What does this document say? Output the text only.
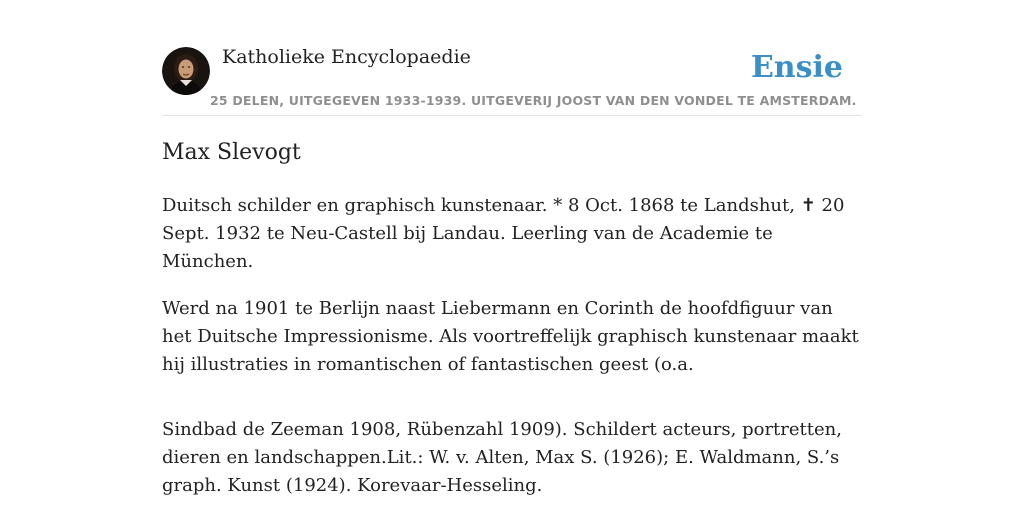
Katholieke Encyclopaedie
25 DELEN, UITGEGEVEN 1933-1939. UITGEVERIJ JOOST VAN DEN VONDEL TE AMSTERDAM.
Ensie
Max Slevogt

Duitsch schilder en graphisch kunstenaar. * 8 Oct. 1868 te Landshut, ✝ 20 Sept. 1932 te Neu-Castell bij Landau. Leerling van de Academie te München.

Werd na 1901 te Berlijn naast Liebermann en Corinth de hoofdfiguur van het Duitsche Impressionisme. Als voortreffelijk graphisch kunstenaar maakt hij illustraties in romantischen of fantastischen geest (o.a.

Sindbad de Zeeman 1908, Rübenzahl 1909). Schildert acteurs, portretten, dieren en landschappen.Lit.: W. v. Alten, Max S. (1926); E. Waldmann, S.’s graph. Kunst (1924). Korevaar-Hesseling.
